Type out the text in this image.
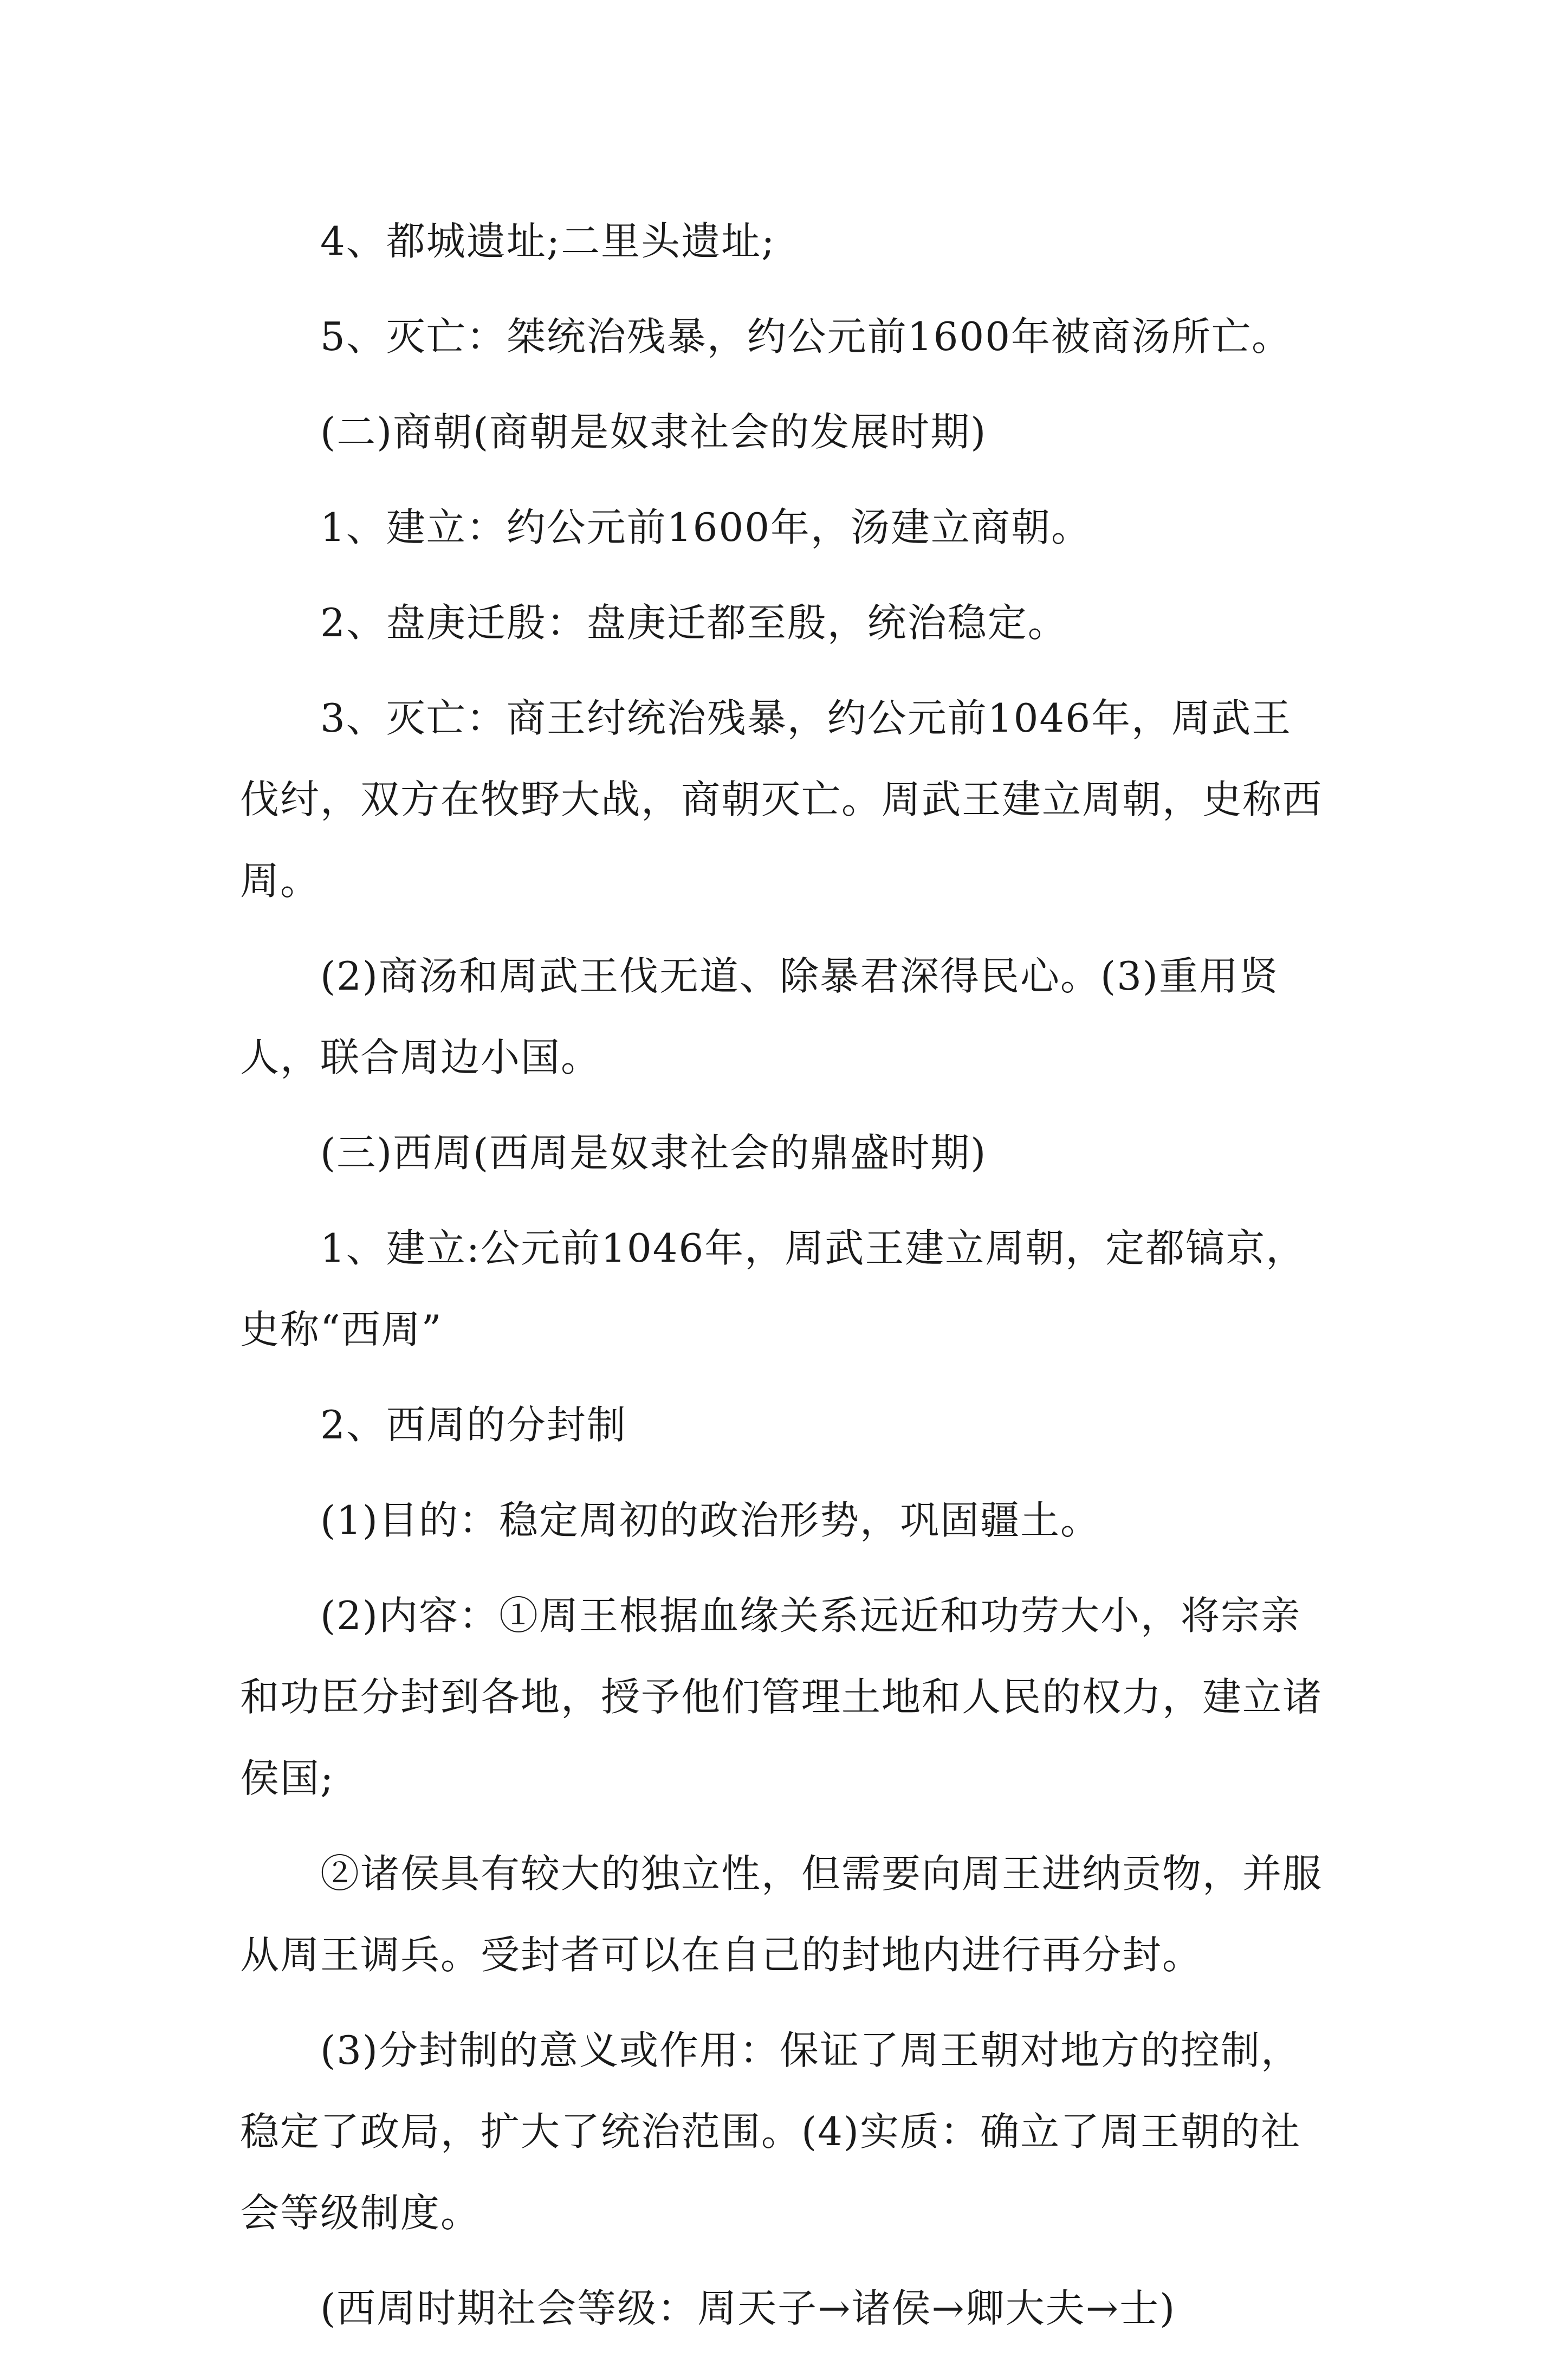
4、都城遗址;二里头遗址;

5、灭亡：桀统治残暴，约公元前1600年被商汤所亡。

(二)商朝(商朝是奴隶社会的发展时期)

1、建立：约公元前1600年，汤建立商朝。

2、盘庚迁殷：盘庚迁都至殷，统治稳定。

3、灭亡：商王纣统治残暴，约公元前1046年，周武王伐纣，双方在牧野大战，商朝灭亡。周武王建立周朝，史称西周。

(2)商汤和周武王伐无道、除暴君深得民心。(3)重用贤人，联合周边小国。

(三)西周(西周是奴隶社会的鼎盛时期)

1、建立:公元前1046年，周武王建立周朝，定都镐京，史称“西周”

2、西周的分封制

(1)目的：稳定周初的政治形势，巩固疆土。

(2)内容：①周王根据血缘关系远近和功劳大小，将宗亲和功臣分封到各地，授予他们管理土地和人民的权力，建立诸侯国;

②诸侯具有较大的独立性，但需要向周王进纳贡物，并服从周王调兵。受封者可以在自己的封地内进行再分封。

(3)分封制的意义或作用：保证了周王朝对地方的控制，稳定了政局，扩大了统治范围。(4)实质：确立了周王朝的社会等级制度。

(西周时期社会等级：周天子→诸侯→卿大夫→士)
